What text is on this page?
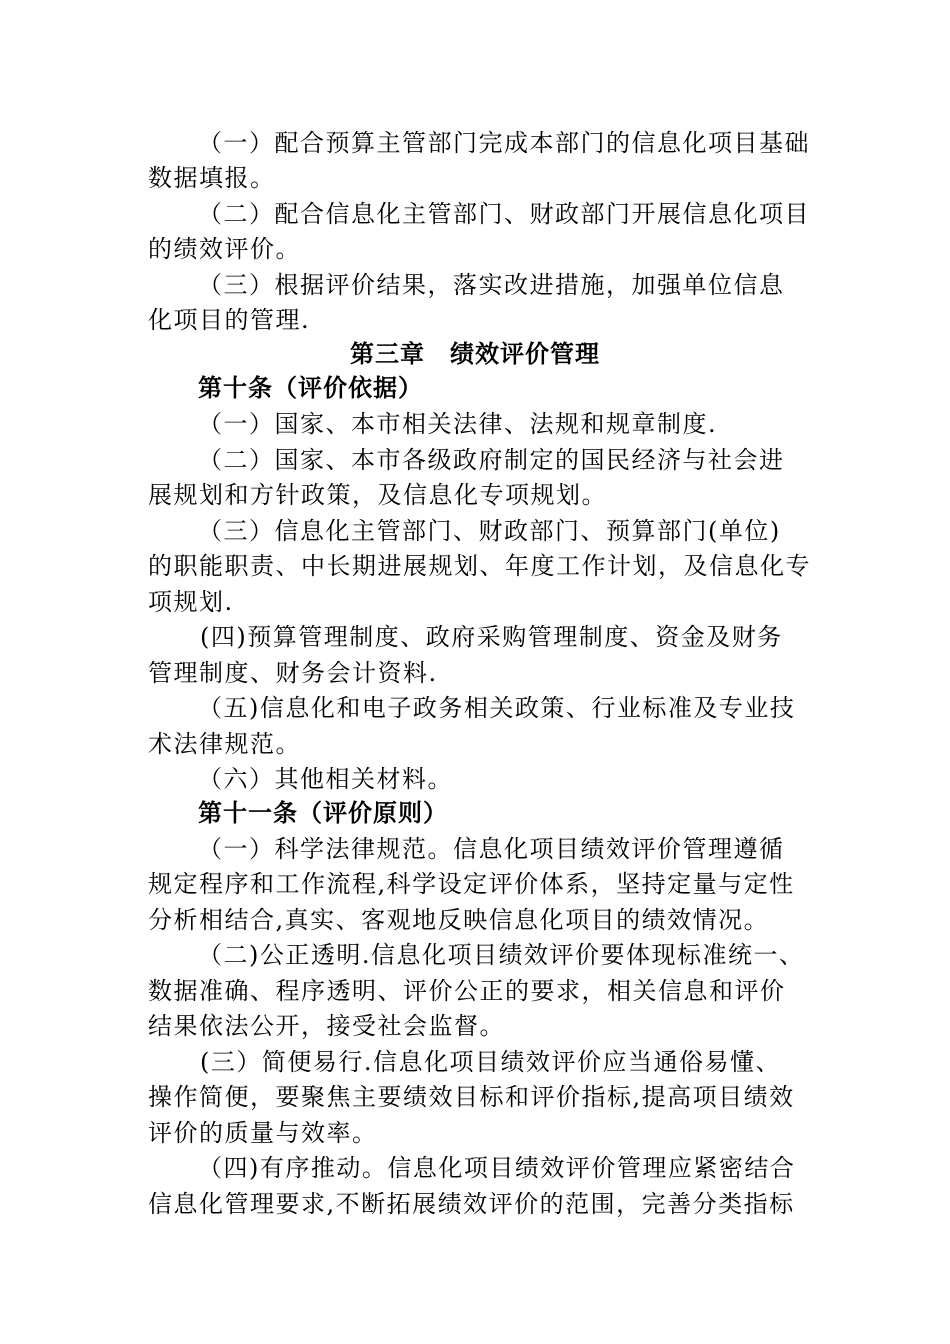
（一）配合预算主管部门完成本部门的信息化项目基础
数据填报。
（二）配合信息化主管部门、财政部门开展信息化项目
的绩效评价。
（三）根据评价结果，落实改进措施，加强单位信息
化项目的管理.
第三章　绩效评价管理
第十条（评价依据）
（一）国家、本市相关法律、法规和规章制度.
（二）国家、本市各级政府制定的国民经济与社会进
展规划和方针政策，及信息化专项规划。
（三）信息化主管部门、财政部门、预算部门(单位)
的职能职责、中长期进展规划、年度工作计划，及信息化专
项规划.
(四)预算管理制度、政府采购管理制度、资金及财务
管理制度、财务会计资料.
（五)信息化和电子政务相关政策、行业标准及专业技
术法律规范。
（六）其他相关材料。
第十一条（评价原则）
（一）科学法律规范。信息化项目绩效评价管理遵循
规定程序和工作流程,科学设定评价体系，坚持定量与定性
分析相结合,真实、客观地反映信息化项目的绩效情况。
（二)公正透明.信息化项目绩效评价要体现标准统一、
数据准确、程序透明、评价公正的要求，相关信息和评价
结果依法公开，接受社会监督。
(三）简便易行.信息化项目绩效评价应当通俗易懂、
操作简便，要聚焦主要绩效目标和评价指标,提高项目绩效
评价的质量与效率。
（四)有序推动。信息化项目绩效评价管理应紧密结合
信息化管理要求,不断拓展绩效评价的范围，完善分类指标
